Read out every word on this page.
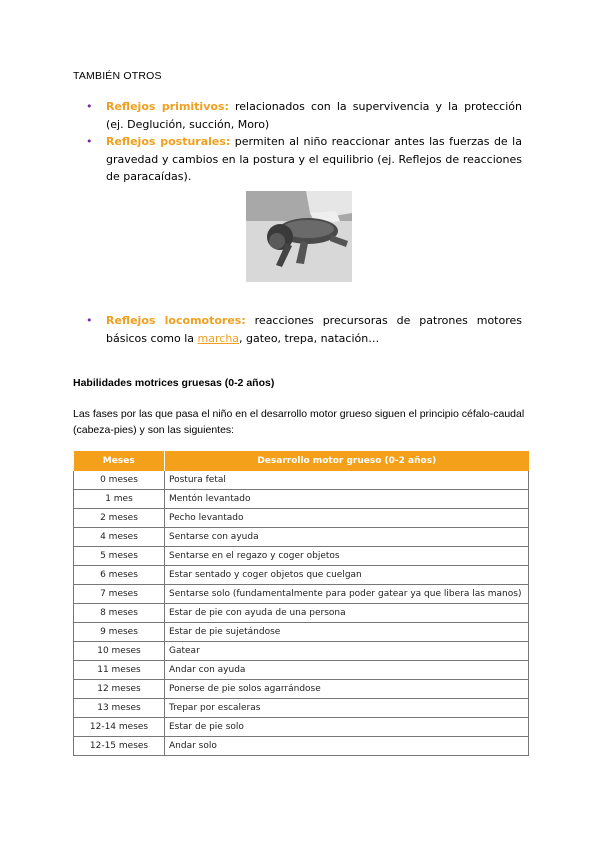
TAMBIÉN OTROS
• Reflejos primitivos: relacionados con la supervivencia y la protección (ej. Deglución, succión, Moro)
• Reflejos posturales: permiten al niño reaccionar antes las fuerzas de la gravedad y cambios en la postura y el equilibrio (ej. Reflejos de reacciones de paracaídas).
• Reflejos locomotores: reacciones precursoras de patrones motores básicos como la marcha, gateo, trepa, natación…
Habilidades motrices gruesas (0-2 años)
Las fases por las que pasa el niño en el desarrollo motor grueso siguen el principio céfalo-caudal (cabeza-pies) y son las siguientes:
Meses	Desarrollo motor grueso (0-2 años)
0 meses	Postura fetal
1 mes	Mentón levantado
2 meses	Pecho levantado
4 meses	Sentarse con ayuda
5 meses	Sentarse en el regazo y coger objetos
6 meses	Estar sentado y coger objetos que cuelgan
7 meses	Sentarse solo (fundamentalmente para poder gatear ya que libera las manos)
8 meses	Estar de pie con ayuda de una persona
9 meses	Estar de pie sujetándose
10 meses	Gatear
11 meses	Andar con ayuda
12 meses	Ponerse de pie solos agarrándose
13 meses	Trepar por escaleras
12-14 meses	Estar de pie solo
12-15 meses	Andar solo
